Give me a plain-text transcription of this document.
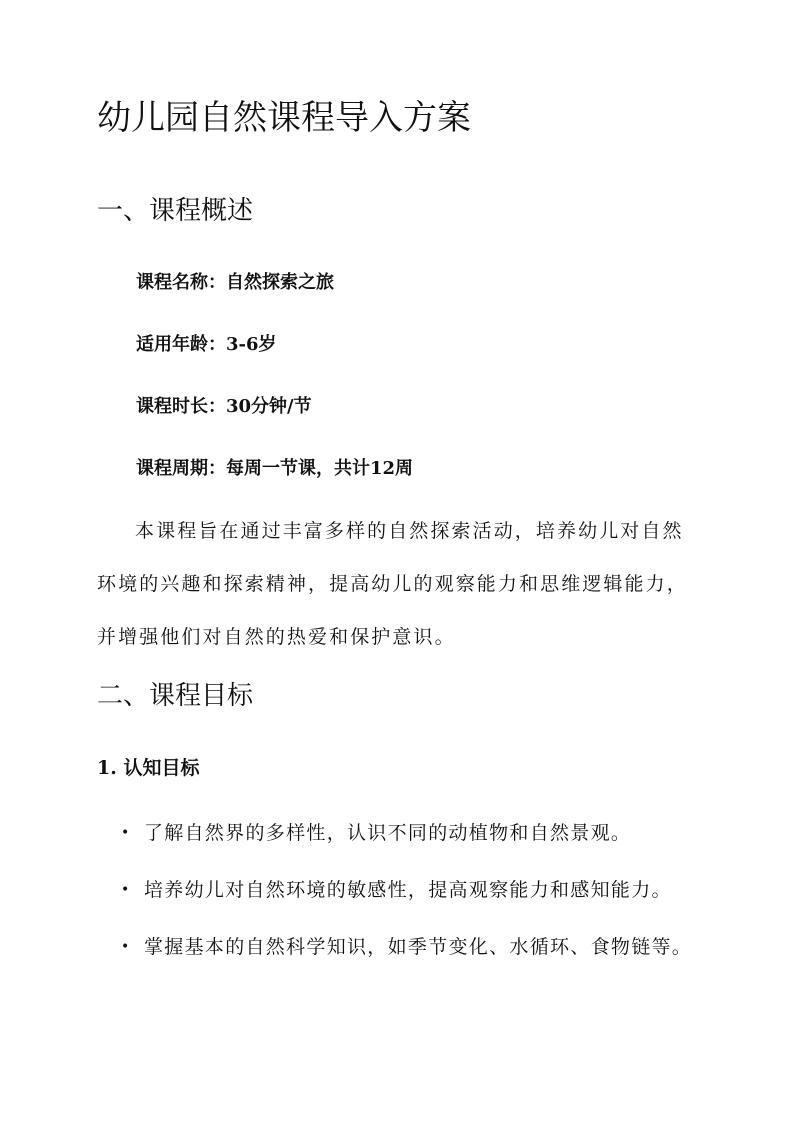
幼儿园自然课程导入方案
一、课程概述
课程名称：自然探索之旅
适用年龄：3-6岁
课程时长：30分钟/节
课程周期：每周一节课，共计12周

本课程旨在通过丰富多样的自然探索活动，培养幼儿对自然环境的兴趣和探索精神，提高幼儿的观察能力和思维逻辑能力，并增强他们对自然的热爱和保护意识。

二、课程目标
1. 认知目标
• 了解自然界的多样性，认识不同的动植物和自然景观。
• 培养幼儿对自然环境的敏感性，提高观察能力和感知能力。
• 掌握基本的自然科学知识，如季节变化、水循环、食物链等。
